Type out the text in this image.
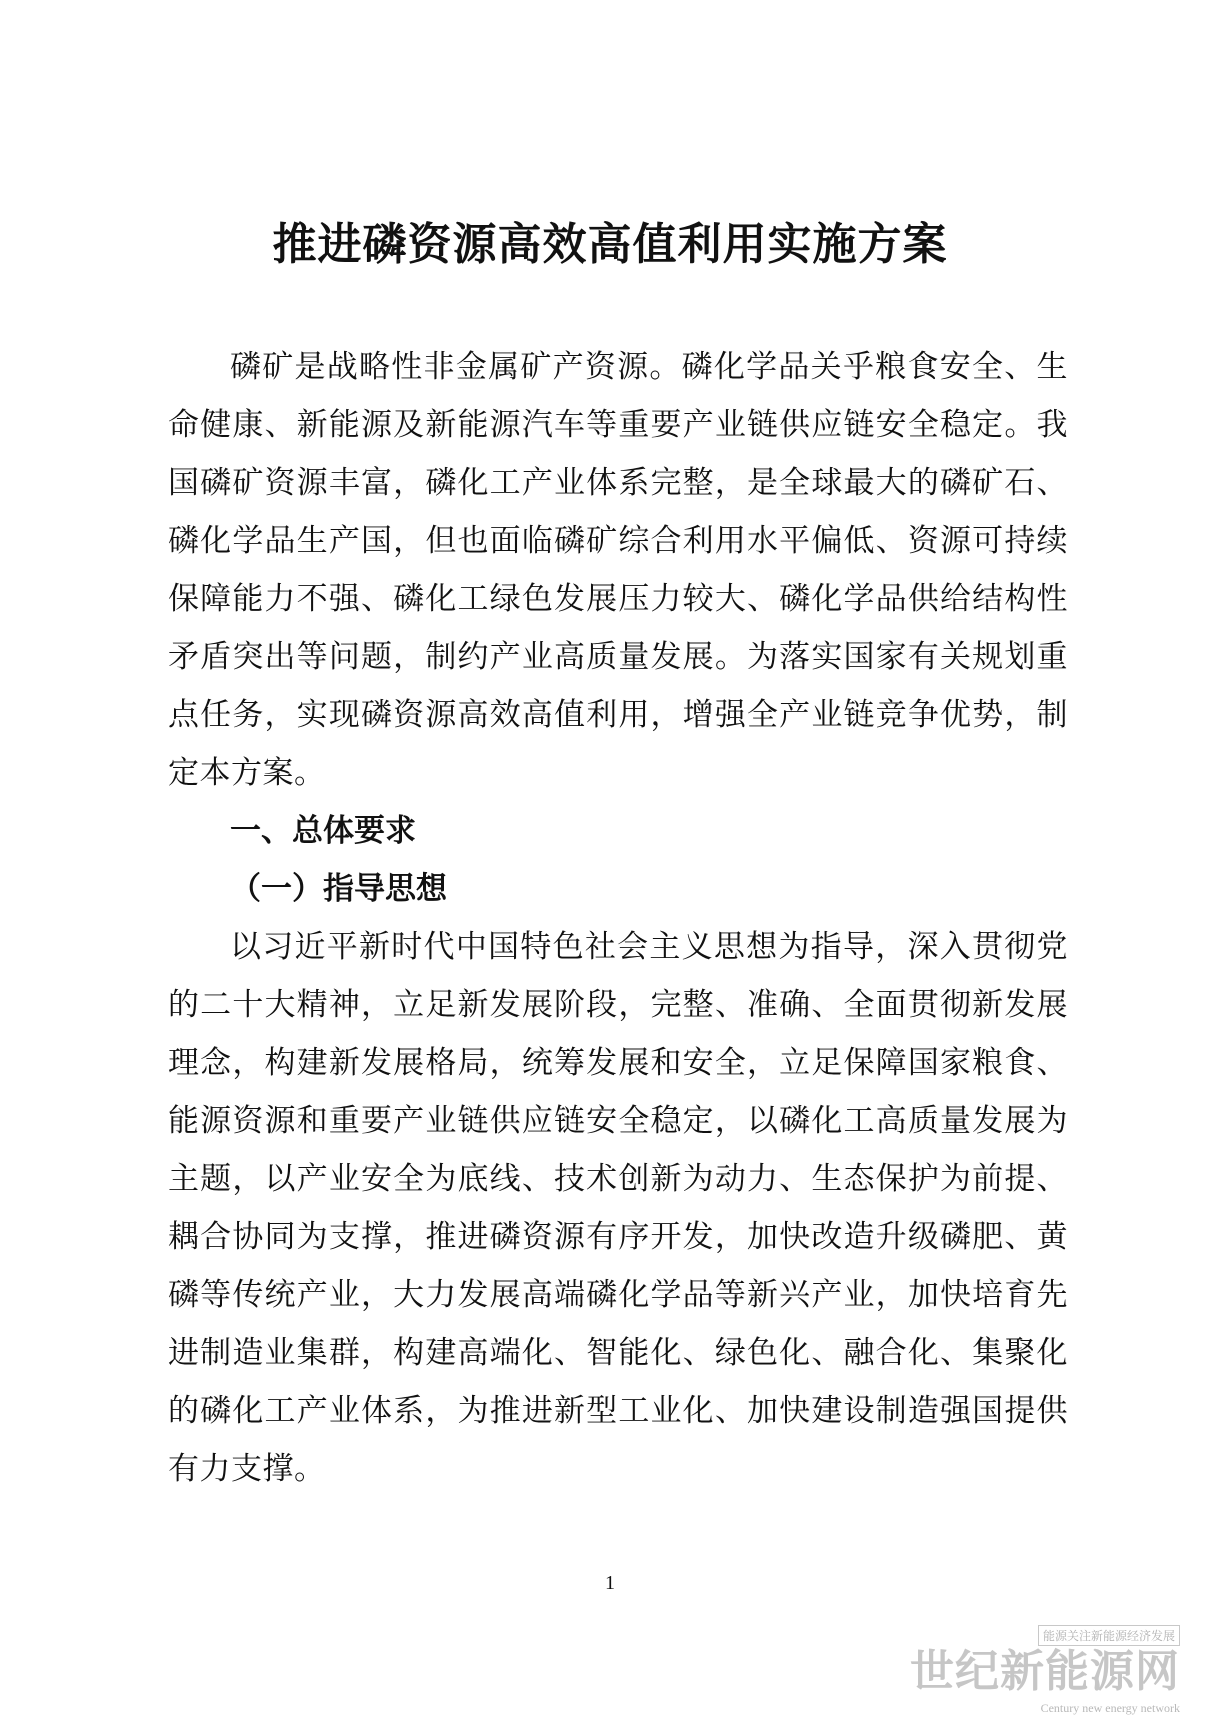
推进磷资源高效高值利用实施方案

磷矿是战略性非金属矿产资源。磷化学品关乎粮食安全、生命健康、新能源及新能源汽车等重要产业链供应链安全稳定。我国磷矿资源丰富，磷化工产业体系完整，是全球最大的磷矿石、磷化学品生产国，但也面临磷矿综合利用水平偏低、资源可持续保障能力不强、磷化工绿色发展压力较大、磷化学品供给结构性矛盾突出等问题，制约产业高质量发展。为落实国家有关规划重点任务，实现磷资源高效高值利用，增强全产业链竞争优势，制定本方案。

一、总体要求
（一）指导思想

以习近平新时代中国特色社会主义思想为指导，深入贯彻党的二十大精神，立足新发展阶段，完整、准确、全面贯彻新发展理念，构建新发展格局，统筹发展和安全，立足保障国家粮食、能源资源和重要产业链供应链安全稳定，以磷化工高质量发展为主题，以产业安全为底线、技术创新为动力、生态保护为前提、耦合协同为支撑，推进磷资源有序开发，加快改造升级磷肥、黄磷等传统产业，大力发展高端磷化学品等新兴产业，加快培育先进制造业集群，构建高端化、智能化、绿色化、融合化、集聚化的磷化工产业体系，为推进新型工业化、加快建设制造强国提供有力支撑。

1
能源关注新能源经济发展
世纪新能源网
Century new energy network
